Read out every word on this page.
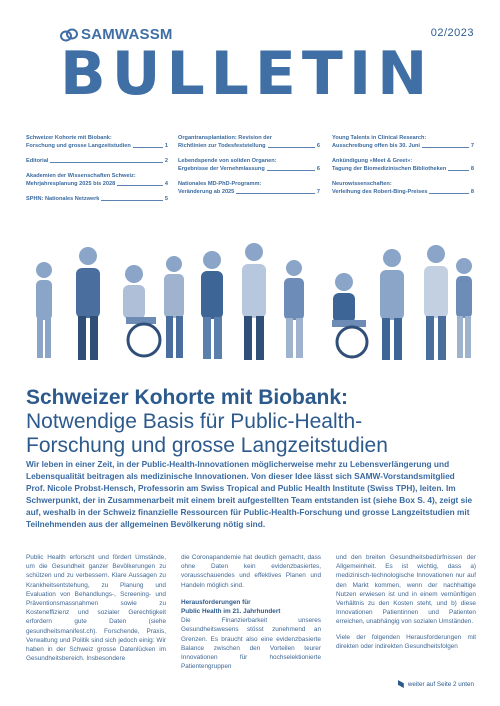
SAMWASSM	02/2023
BULLETIN
Schweizer Kohorte mit Biobank:
Forschung und grosse Langzeitstudien	1
Editorial	2
Akademien der Wissenschaften Schweiz:
Mehrjahresplanung 2025 bis 2028	4
SPHN: Nationales Netzwerk	5
Organtransplantation: Revision der
Richtlinien zur Todesfeststellung	6
Lebendspende von soliden Organen:
Ergebnisse der Vernehmlassung	6
Nationales MD-PhD-Programm:
Veränderung ab 2025	7
Young Talents in Clinical Research:
Ausschreibung offen bis 30. Juni	7
Ankündigung «Meet & Greet»:
Tagung der Biomedizinischen Bibliotheken	8
Neurowissenschaften:
Verleihung des Robert-Bing-Preises	8
Schweizer Kohorte mit Biobank:
Notwendige Basis für Public-Health-
Forschung und grosse Langzeitstudien
Wir leben in einer Zeit, in der Public-Health-Innovationen möglicherweise mehr zu Lebensverlängerung und Lebensqualität beitragen als medizinische Innovationen. Von dieser Idee lässt sich SAMW-Vorstandsmitglied Prof. Nicole Probst-Hensch, Professorin am Swiss Tropical and Public Health Institute (Swiss TPH), leiten. Im Schwerpunkt, der in Zusammenarbeit mit einem breit aufgestellten Team entstanden ist (siehe Box S. 4), zeigt sie auf, weshalb in der Schweiz finanzielle Ressourcen für Public-Health-Forschung und grosse Langzeitstudien mit Teilnehmenden aus der allgemeinen Bevölkerung nötig sind.

Public Health erforscht und fördert Umstände, um die Gesundheit ganzer Bevölkerungen zu schützen und zu verbessern. Klare Aussagen zu Krankheitsentstehung, zu Planung und Evaluation von Behandlungs-, Screening- und Präventionsmassnahmen sowie zu Kosteneffizienz und sozialer Gerechtigkeit erfordern gute Daten (siehe gesundheitsmanifest.ch). Forschende, Praxis, Verwaltung und Politik sind sich jedoch einig: Wir haben in der Schweiz grosse Datenlücken im Gesundheitsbereich. Insbesondere

die Coronapandemie hat deutlich gemacht, dass ohne Daten kein evidenzbasiertes, vorausschauendes und effektives Planen und Handeln möglich sind.

Herausforderungen für
Public Health im 21. Jahrhundert

Die Finanzierbarkeit unseres Gesundheitswesens stösst zunehmend an Grenzen. Es braucht also eine evidenzbasierte Balance zwischen den Vorteilen teurer Innovationen für hochselektionierte Patientengruppen

und den breiten Gesundheitsbedürfnissen der Allgemeinheit. Es ist wichtig, dass a) medizinisch-technologische Innovationen nur auf den Markt kommen, wenn der nachhaltige Nutzen erwiesen ist und in einem vernünftigen Verhältnis zu den Kosten steht, und b) diese Innovationen Patientinnen und Patienten erreichen, unabhängig von sozialen Umständen.

Viele der folgenden Herausforderungen mit direkten oder indirekten Gesundheitsfolgen

weiter auf Seite 2 unten
